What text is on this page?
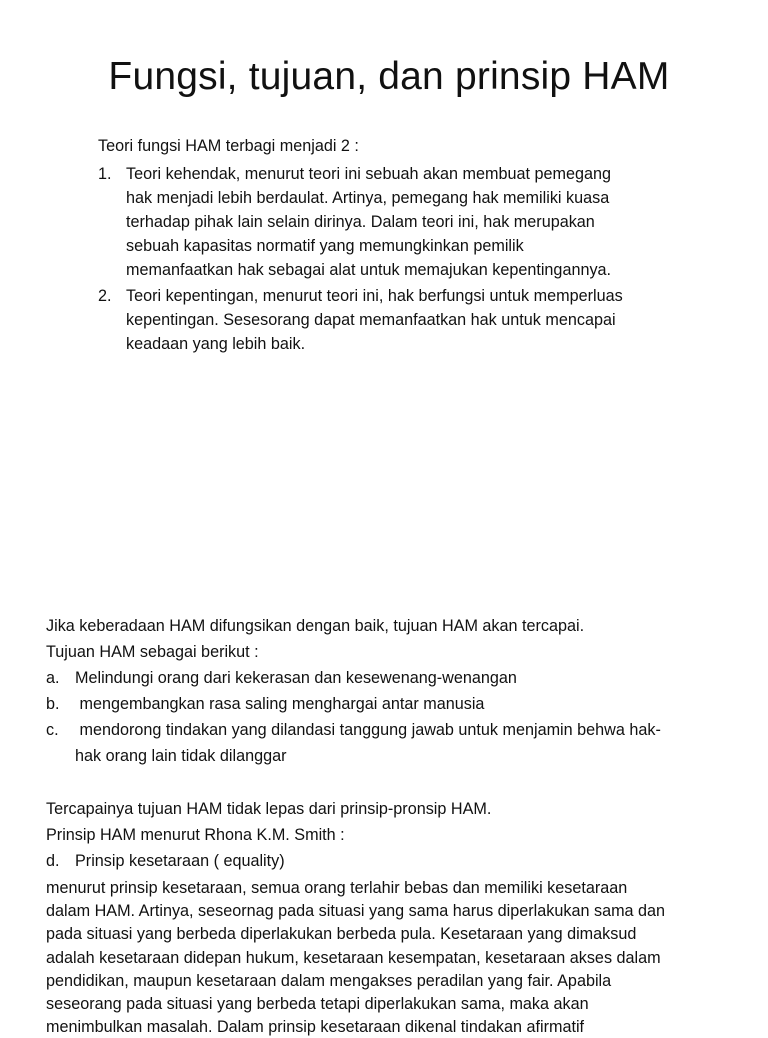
Fungsi, tujuan, dan prinsip HAM

Teori fungsi HAM terbagi menjadi 2 :

1. Teori kehendak, menurut teori ini sebuah akan membuat pemegang
hak menjadi lebih berdaulat. Artinya, pemegang hak memiliki kuasa
terhadap pihak lain selain dirinya. Dalam teori ini, hak merupakan
sebuah kapasitas normatif yang memungkinkan pemilik
memanfaatkan hak sebagai alat untuk memajukan kepentingannya.
2. Teori kepentingan, menurut teori ini, hak berfungsi untuk memperluas
kepentingan. Sesesorang dapat memanfaatkan hak untuk mencapai
keadaan yang lebih baik.

Jika keberadaan HAM difungsikan dengan baik, tujuan HAM akan tercapai.

Tujuan HAM sebagai berikut :

a. Melindungi orang dari kekerasan dan kesewenang-wenangan
b. mengembangkan rasa saling menghargai antar manusia
c. mendorong tindakan yang dilandasi tanggung jawab untuk menjamin behwa hak-
hak orang lain tidak dilanggar

Tercapainya tujuan HAM tidak lepas dari prinsip-pronsip HAM.

Prinsip HAM menurut Rhona K.M. Smith :

d. Prinsip kesetaraan ( equality)

menurut prinsip kesetaraan, semua orang terlahir bebas dan memiliki kesetaraan
dalam HAM. Artinya, seseornag pada situasi yang sama harus diperlakukan sama dan
pada situasi yang berbeda diperlakukan berbeda pula. Kesetaraan yang dimaksud
adalah kesetaraan didepan hukum, kesetaraan kesempatan, kesetaraan akses dalam
pendidikan, maupun kesetaraan dalam mengakses peradilan yang fair. Apabila
seseorang pada situasi yang berbeda tetapi diperlakukan sama, maka akan

menimbulkan masalah. Dalam prinsip kesetaraan dikenal tindakan afirmatif
